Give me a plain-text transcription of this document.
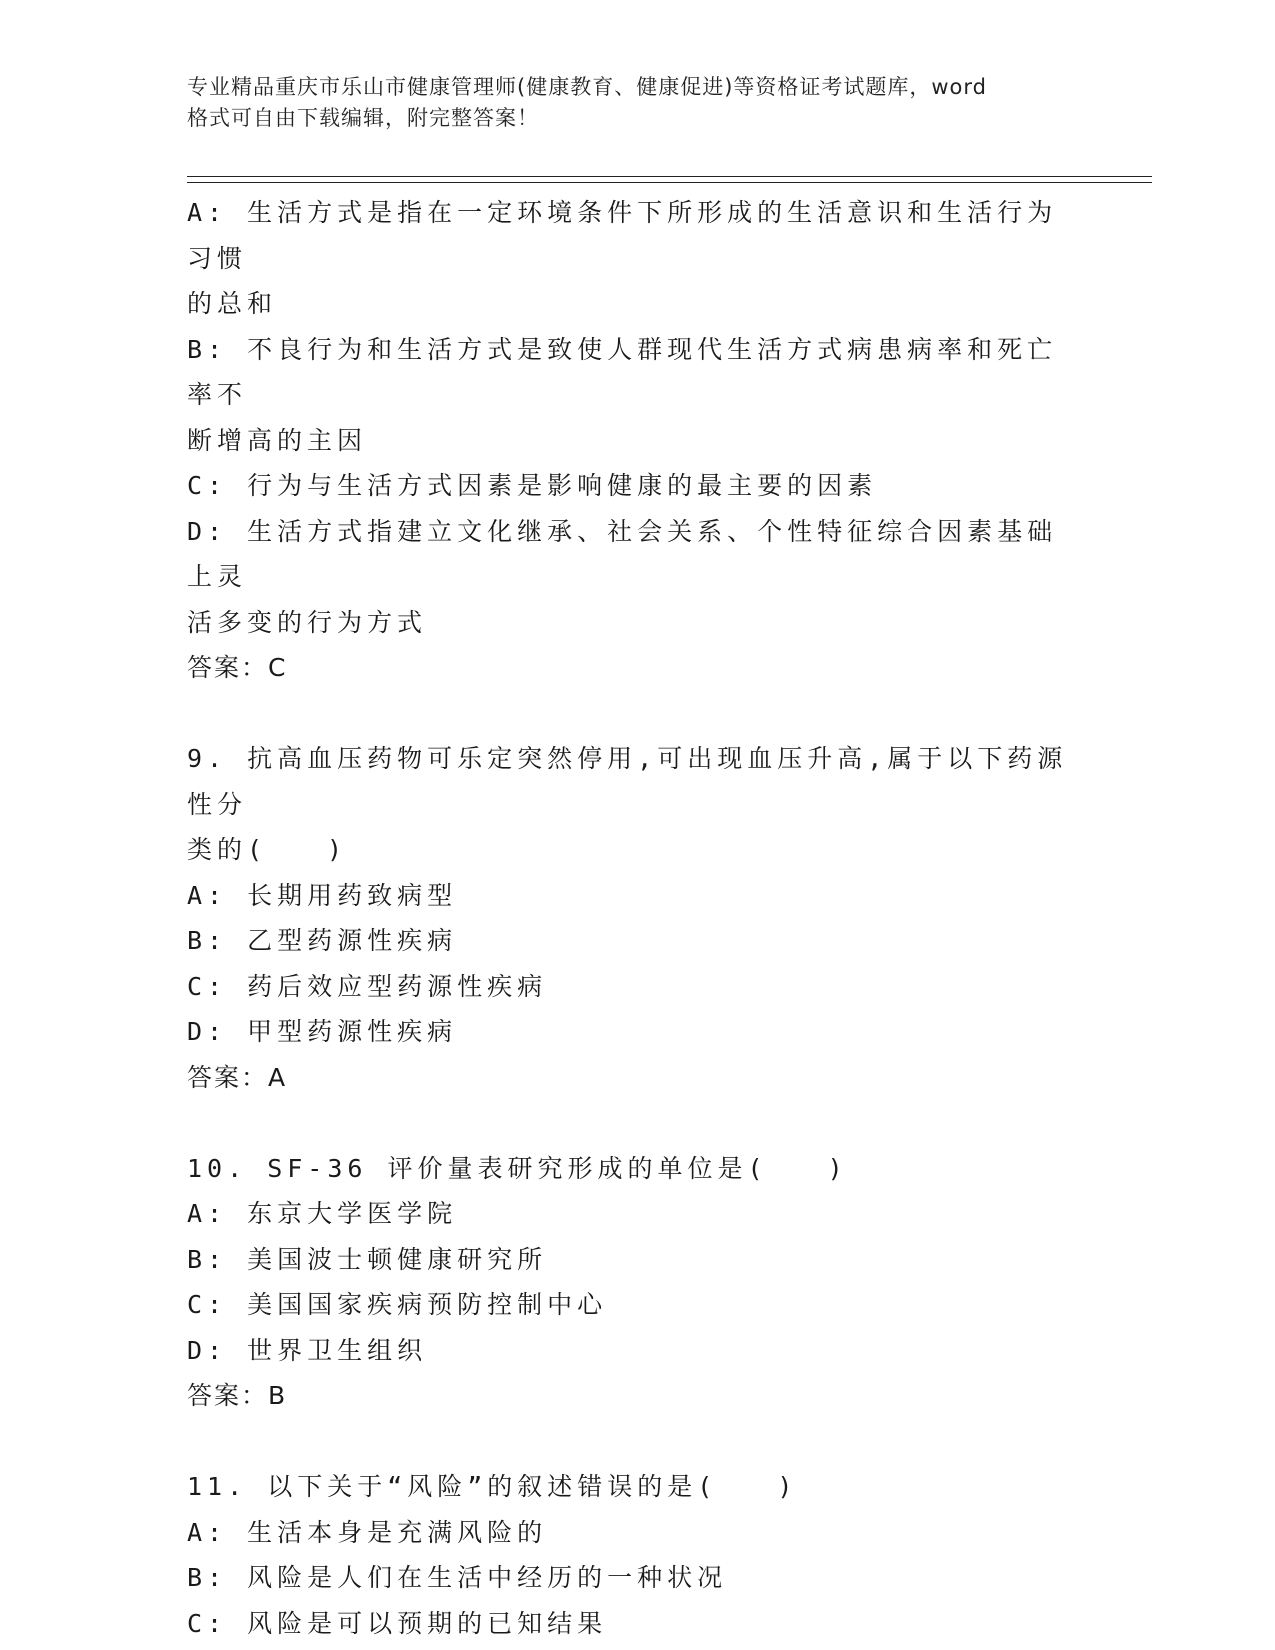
专业精品重庆市乐山市健康管理师(健康教育、健康促进)等资格证考试题库，word
格式可自由下载编辑，附完整答案！
A: 生活方式是指在一定环境条件下所形成的生活意识和生活行为习惯
的总和
B: 不良行为和生活方式是致使人群现代生活方式病患病率和死亡率不
断增高的主因
C: 行为与生活方式因素是影响健康的最主要的因素
D: 生活方式指建立文化继承、社会关系、个性特征综合因素基础上灵
活多变的行为方式
答案：C
9. 抗高血压药物可乐定突然停用,可出现血压升高,属于以下药源性分
类的(　　)
A: 长期用药致病型
B: 乙型药源性疾病
C: 药后效应型药源性疾病
D: 甲型药源性疾病
答案：A
10. SF-36 评价量表研究形成的单位是(　　)
A: 东京大学医学院
B: 美国波士顿健康研究所
C: 美国国家疾病预防控制中心
D: 世界卫生组织
答案：B
11. 以下关于“风险”的叙述错误的是(　　)
A: 生活本身是充满风险的
B: 风险是人们在生活中经历的一种状况
C: 风险是可以预期的已知结果
